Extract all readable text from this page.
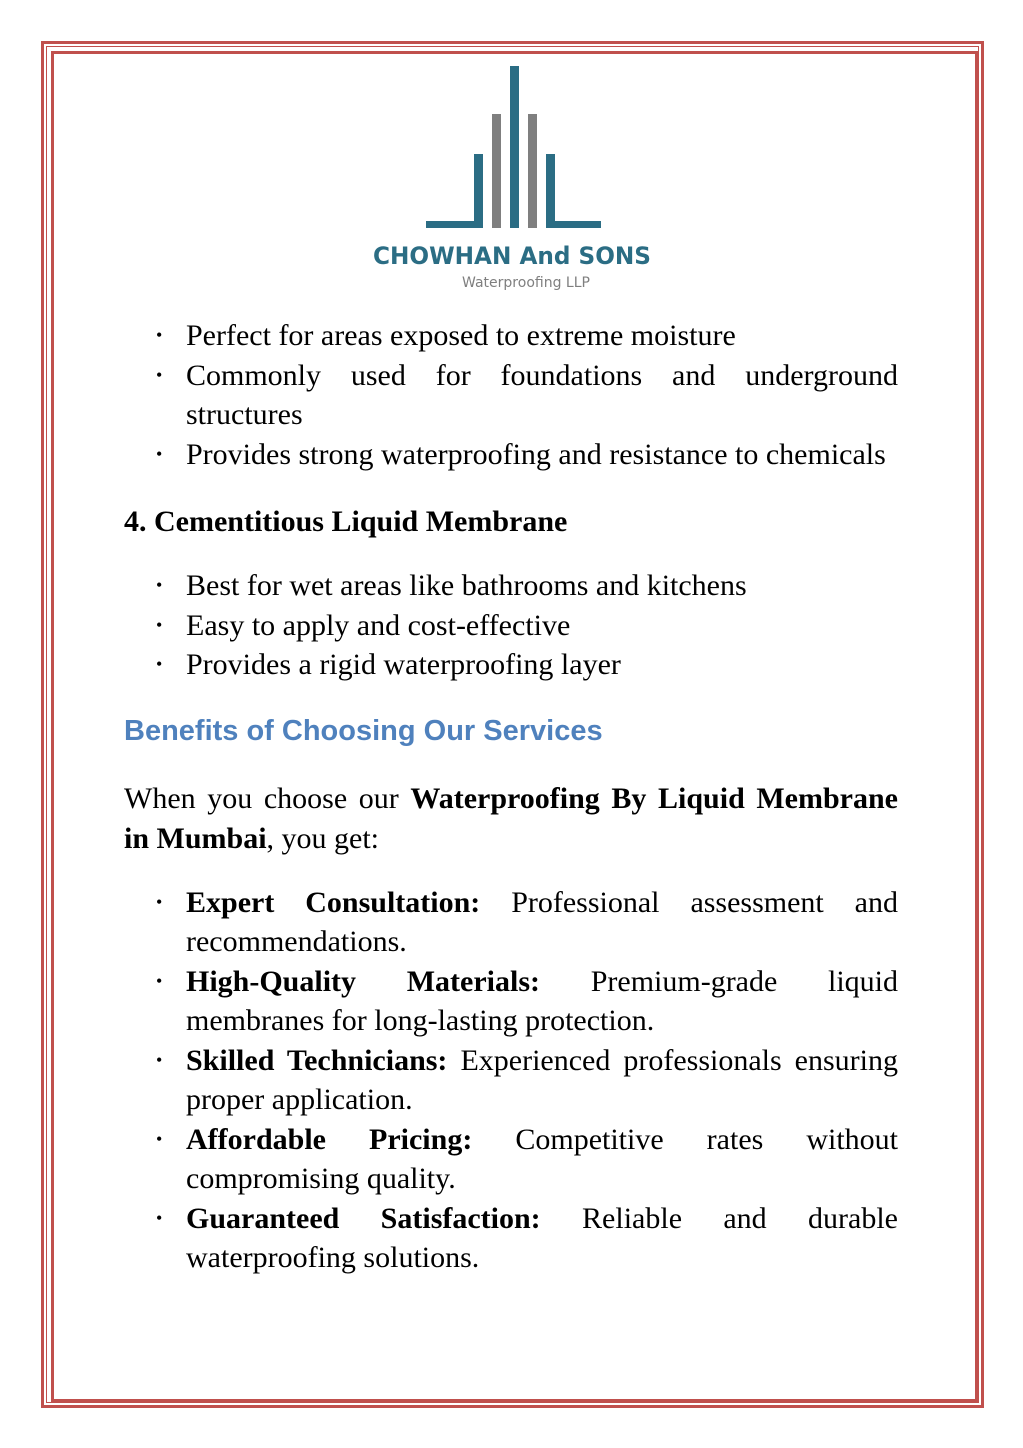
CHOWHAN And SONS
Waterproofing LLP
• Perfect for areas exposed to extreme moisture
• Commonly used for foundations and underground structures
• Provides strong waterproofing and resistance to chemicals
4. Cementitious Liquid Membrane
• Best for wet areas like bathrooms and kitchens
• Easy to apply and cost-effective
• Provides a rigid waterproofing layer
Benefits of Choosing Our Services

When you choose our Waterproofing By Liquid Membrane in Mumbai, you get:

• Expert Consultation: Professional assessment and recommendations.
• High-Quality Materials: Premium-grade liquid membranes for long-lasting protection.
• Skilled Technicians: Experienced professionals ensuring proper application.
• Affordable Pricing: Competitive rates without compromising quality.
• Guaranteed Satisfaction: Reliable and durable waterproofing solutions.
